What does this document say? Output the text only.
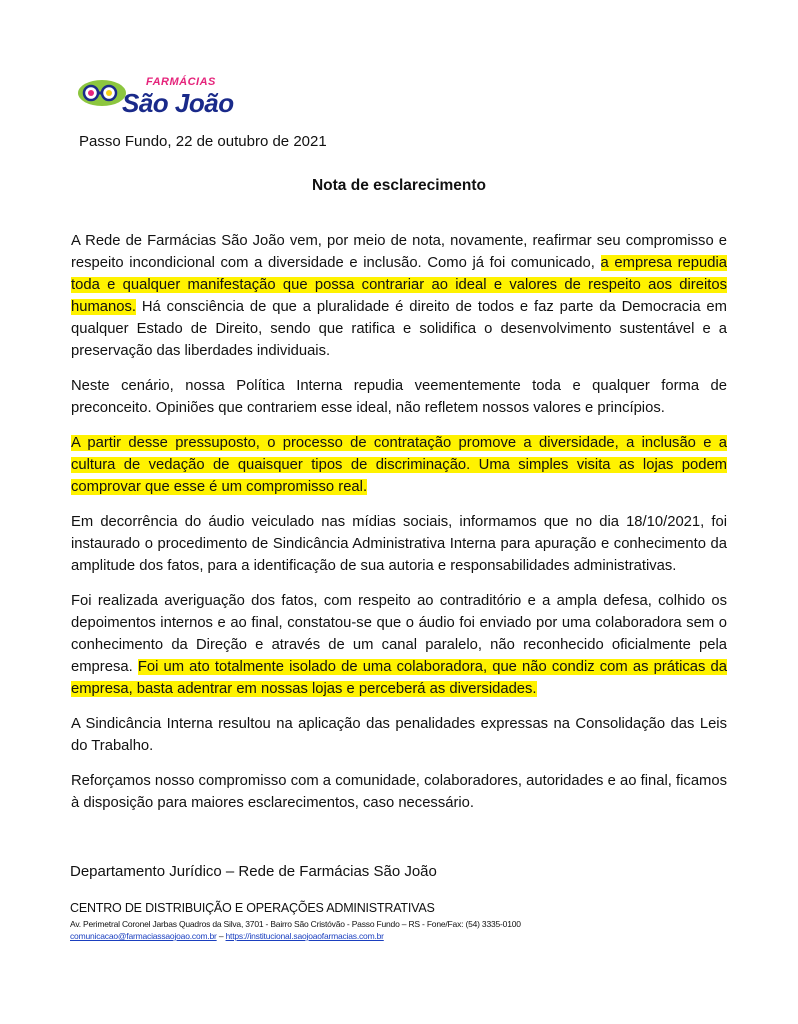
FARMÁCIAS
São João
Passo Fundo, 22 de outubro de 2021
Nota de esclarecimento

A Rede de Farmácias São João vem, por meio de nota, novamente, reafirmar seu compromisso e respeito incondicional com a diversidade e inclusão. Como já foi comunicado, a empresa repudia toda e qualquer manifestação que possa contrariar ao ideal e valores de respeito aos direitos humanos. Há consciência de que a pluralidade é direito de todos e faz parte da Democracia em qualquer Estado de Direito, sendo que ratifica e solidifica o desenvolvimento sustentável e a preservação das liberdades individuais.

Neste cenário, nossa Política Interna repudia veementemente toda e qualquer forma de preconceito. Opiniões que contrariem esse ideal, não refletem nossos valores e princípios.

A partir desse pressuposto, o processo de contratação promove a diversidade, a inclusão e a cultura de vedação de quaisquer tipos de discriminação. Uma simples visita as lojas podem comprovar que esse é um compromisso real.

Em decorrência do áudio veiculado nas mídias sociais, informamos que no dia 18/10/2021, foi instaurado o procedimento de Sindicância Administrativa Interna para apuração e conhecimento da amplitude dos fatos, para a identificação de sua autoria e responsabilidades administrativas.

Foi realizada averiguação dos fatos, com respeito ao contraditório e a ampla defesa, colhido os depoimentos internos e ao final, constatou-se que o áudio foi enviado por uma colaboradora sem o conhecimento da Direção e através de um canal paralelo, não reconhecido oficialmente pela empresa. Foi um ato totalmente isolado de uma colaboradora, que não condiz com as práticas da empresa, basta adentrar em nossas lojas e perceberá as diversidades.

A Sindicância Interna resultou na aplicação das penalidades expressas na Consolidação das Leis do Trabalho.

Reforçamos nosso compromisso com a comunidade, colaboradores, autoridades e ao final, ficamos à disposição para maiores esclarecimentos, caso necessário.

Departamento Jurídico – Rede de Farmácias São João
CENTRO DE DISTRIBUIÇÃO E OPERAÇÕES ADMINISTRATIVAS
Av. Perimetral Coronel Jarbas Quadros da Silva, 3701 - Bairro São Cristóvão - Passo Fundo – RS - Fone/Fax: (54) 3335-0100
comunicacao@farmaciassaojoao.com.br – https://institucional.saojoaofarmacias.com.br
